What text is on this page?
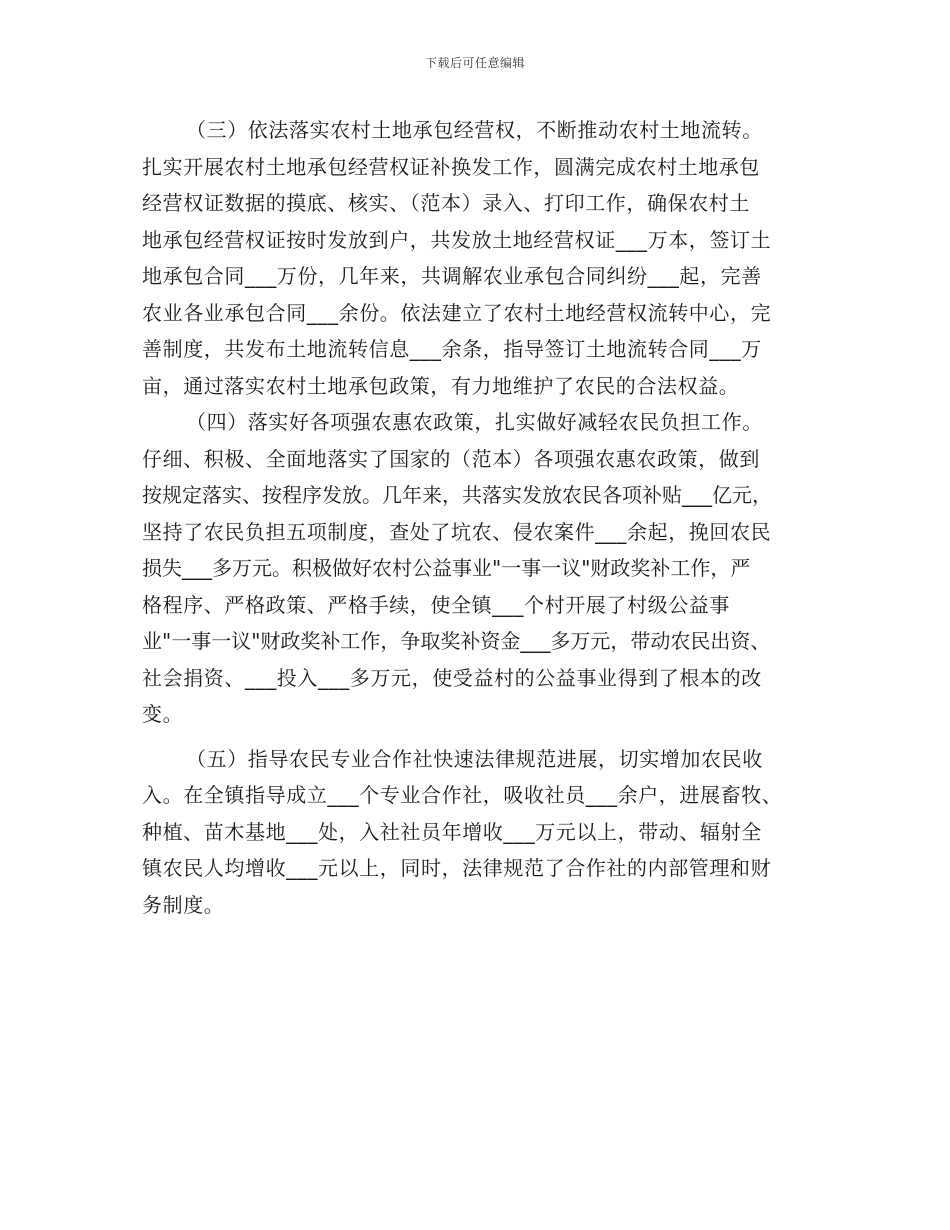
下载后可任意编辑
（三）依法落实农村土地承包经营权，不断推动农村土地流转。
扎实开展农村土地承包经营权证补换发工作，圆满完成农村土地承包
经营权证数据的摸底、核实、（范本）录入、打印工作，确保农村土
地承包经营权证按时发放到户，共发放土地经营权证___万本，签订土
地承包合同___万份，几年来，共调解农业承包合同纠纷___起，完善
农业各业承包合同___余份。依法建立了农村土地经营权流转中心，完
善制度，共发布土地流转信息___余条，指导签订土地流转合同___万
亩，通过落实农村土地承包政策，有力地维护了农民的合法权益。
（四）落实好各项强农惠农政策，扎实做好减轻农民负担工作。
仔细、积极、全面地落实了国家的（范本）各项强农惠农政策，做到
按规定落实、按程序发放。几年来，共落实发放农民各项补贴___亿元，
坚持了农民负担五项制度，查处了坑农、侵农案件___余起，挽回农民
损失___多万元。积极做好农村公益事业"一事一议"财政奖补工作，严
格程序、严格政策、严格手续，使全镇___个村开展了村级公益事
业"一事一议"财政奖补工作，争取奖补资金___多万元，带动农民出资、
社会捐资、___投入___多万元，使受益村的公益事业得到了根本的改
变。
（五）指导农民专业合作社快速法律规范进展，切实增加农民收
入。在全镇指导成立___个专业合作社，吸收社员___余户，进展畜牧、
种植、苗木基地___处，入社社员年增收___万元以上，带动、辐射全
镇农民人均增收___元以上，同时，法律规范了合作社的内部管理和财
务制度。
